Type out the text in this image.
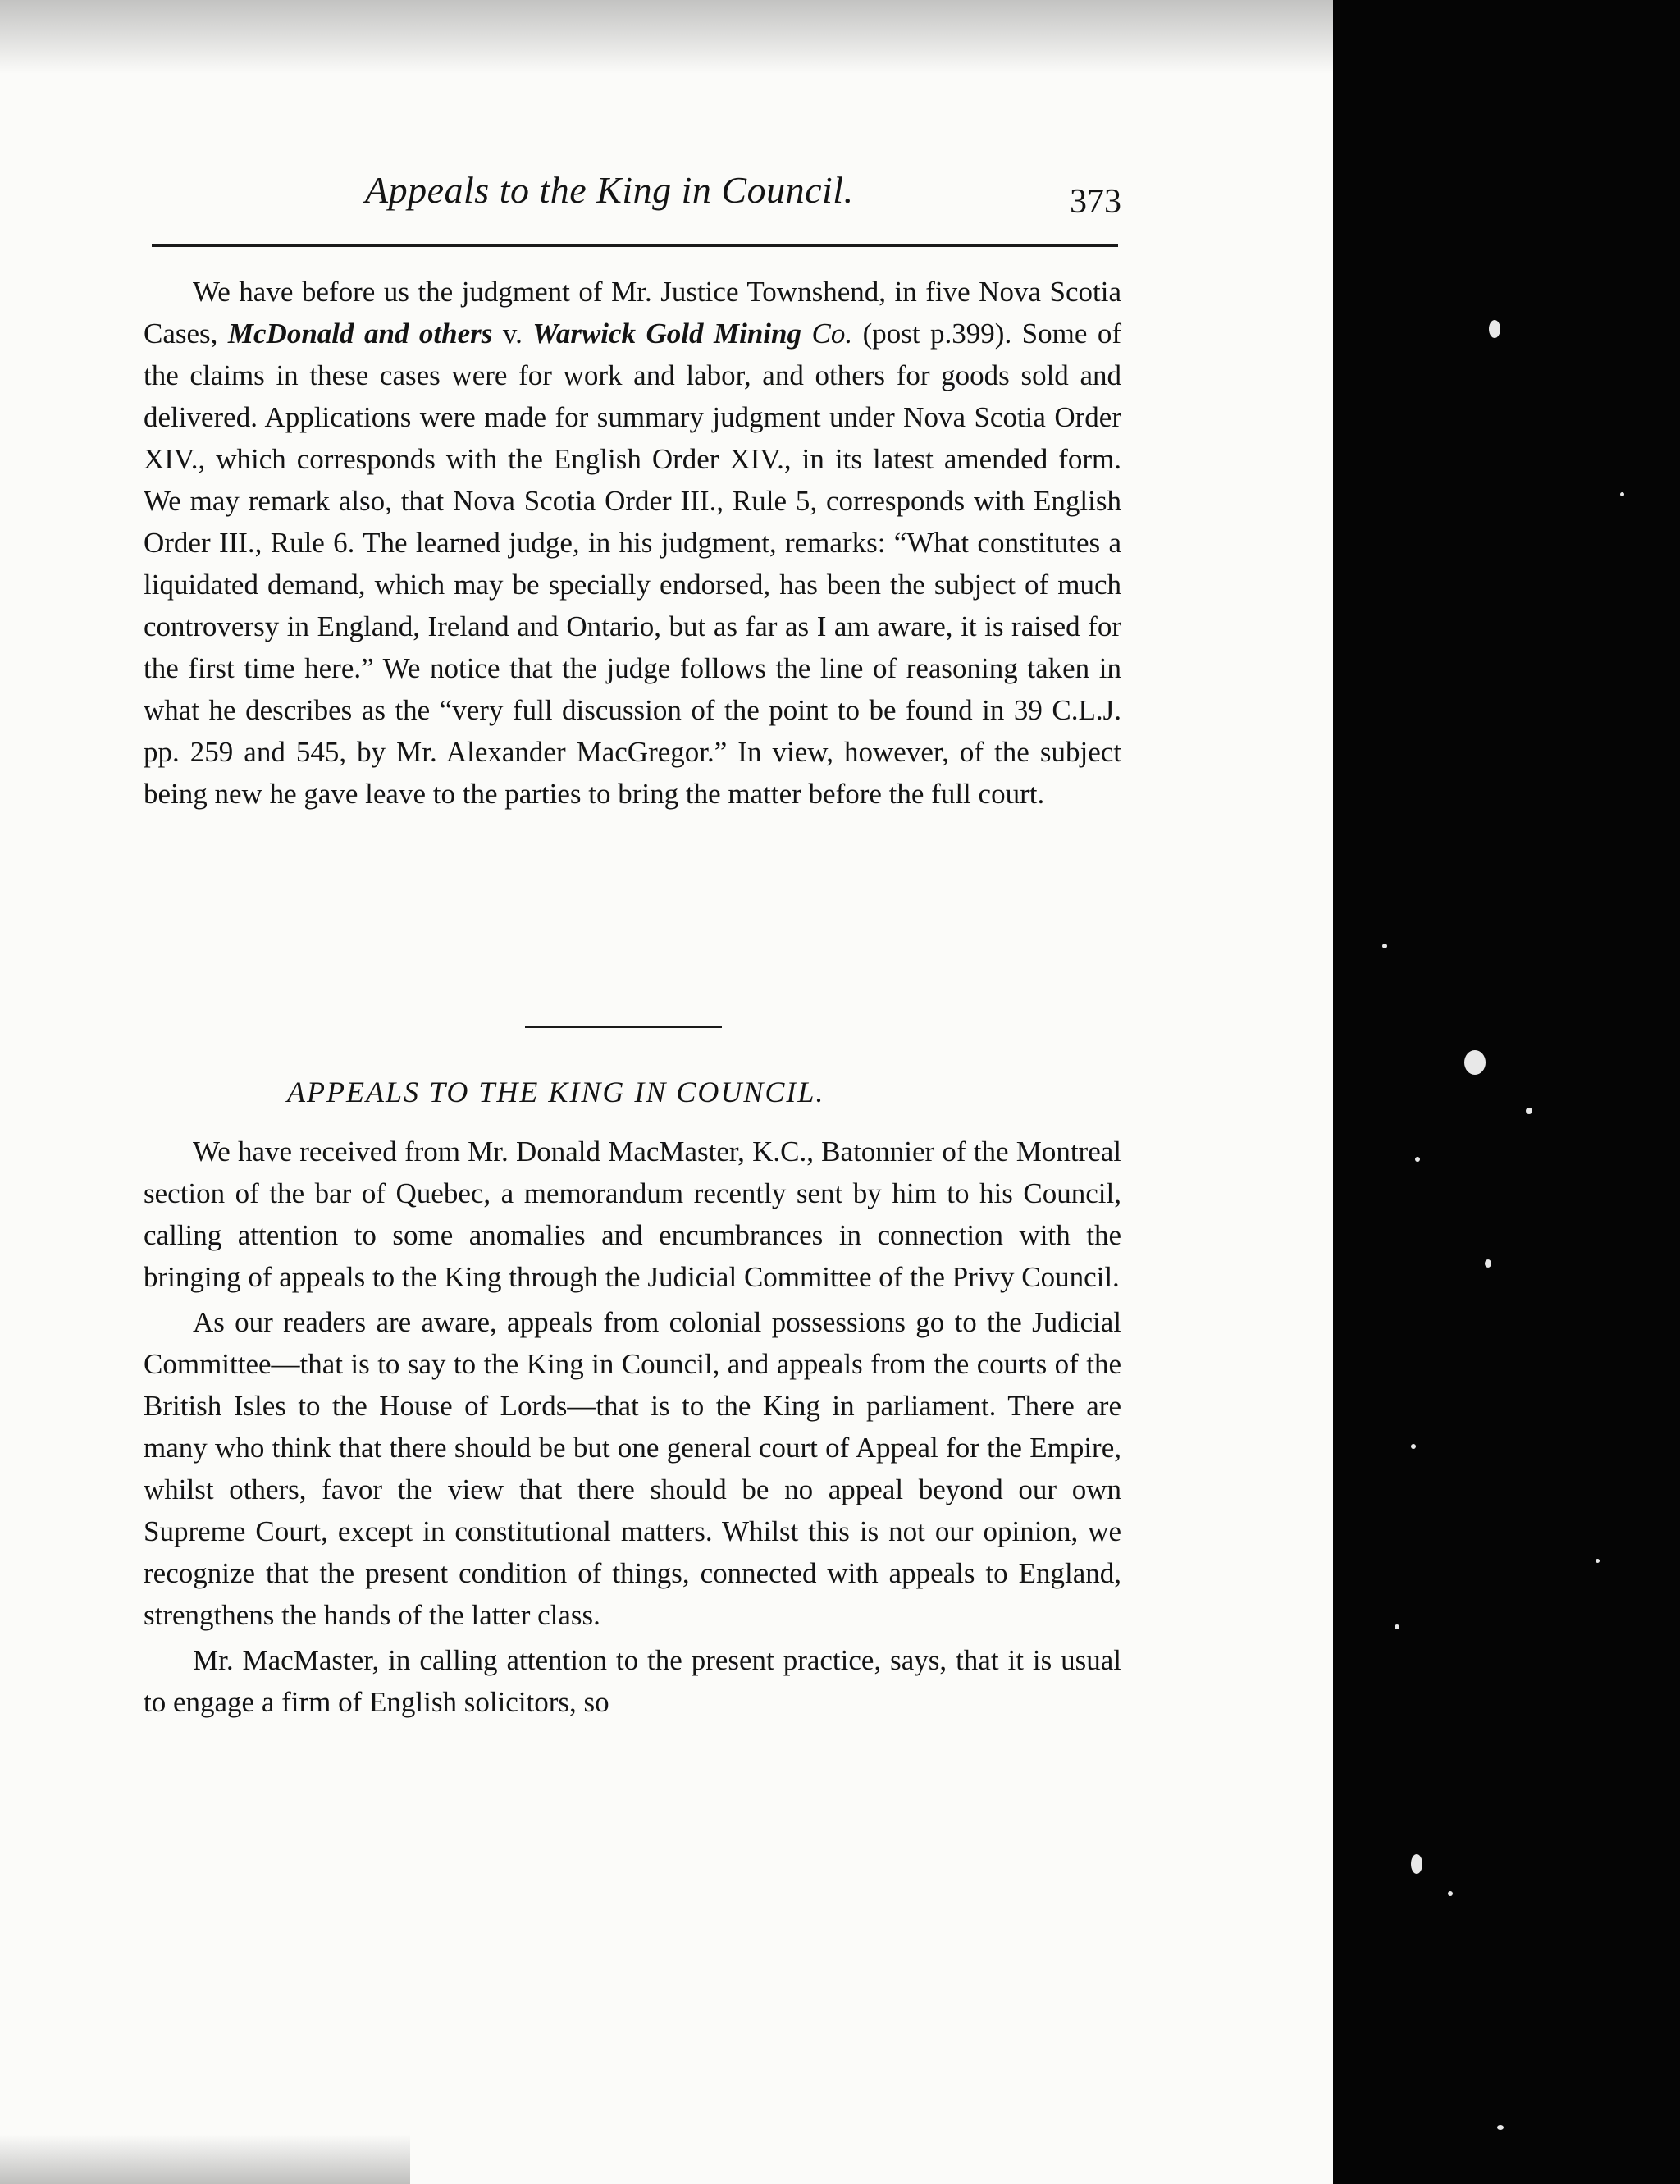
Appeals to the King in Council.	373

We have before us the judgment of Mr. Justice Townshend, in five Nova Scotia Cases, McDonald and others v. Warwick Gold Mining Co. (post p.399). Some of the claims in these cases were for work and labor, and others for goods sold and delivered. Applications were made for summary judgment under Nova Scotia Order XIV., which corresponds with the English Order XIV., in its latest amended form. We may remark also, that Nova Scotia Order III., Rule 5, corresponds with English Order III., Rule 6. The learned judge, in his judgment, remarks: “What constitutes a liquidated demand, which may be specially endorsed, has been the subject of much controversy in England, Ireland and Ontario, but as far as I am aware, it is raised for the first time here.” We notice that the judge follows the line of reasoning taken in what he describes as the “very full discussion of the point to be found in 39 C.L.J. pp. 259 and 545, by Mr. Alexander MacGregor.” In view, however, of the subject being new he gave leave to the parties to bring the matter before the full court.

APPEALS TO THE KING IN COUNCIL.

We have received from Mr. Donald MacMaster, K.C., Batonnier of the Montreal section of the bar of Quebec, a memorandum recently sent by him to his Council, calling attention to some anomalies and encumbrances in connection with the bringing of appeals to the King through the Judicial Committee of the Privy Council.

As our readers are aware, appeals from colonial possessions go to the Judicial Committee—that is to say to the King in Council, and appeals from the courts of the British Isles to the House of Lords—that is to the King in parliament. There are many who think that there should be but one general court of Appeal for the Empire, whilst others, favor the view that there should be no appeal beyond our own Supreme Court, except in constitutional matters. Whilst this is not our opinion, we recognize that the present condition of things, connected with appeals to England, strengthens the hands of the latter class.

Mr. MacMaster, in calling attention to the present practice, says, that it is usual to engage a firm of English solicitors, so
